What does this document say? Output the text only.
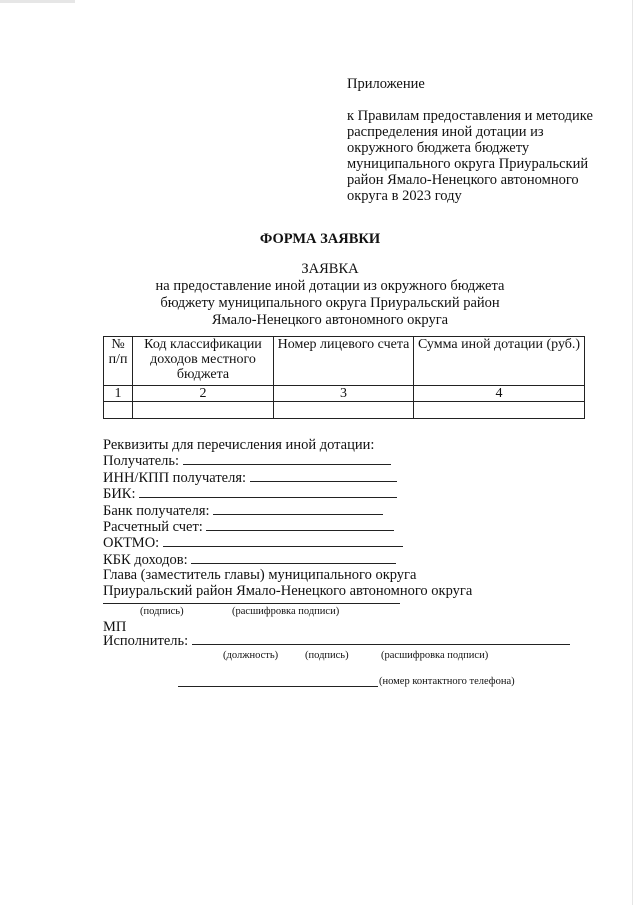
Приложение
к Правилам предоставления и методике
распределения иной дотации из
окружного бюджета бюджету
муниципального округа Приуральский
район Ямало-Ненецкого автономного
округа в 2023 году
ФОРМА ЗАЯВКИ
ЗАЯВКА
на предоставление иной дотации из окружного бюджета
бюджету муниципального округа Приуральский район
Ямало-Ненецкого автономного округа
№ п/п	Код классификации доходов местного бюджета	Номер лицевого счета	Сумма иной дотации (руб.)
1	2	3	4

Реквизиты для перечисления иной дотации:
Получатель:
ИНН/КПП получателя:
БИК:
Банк получателя:
Расчетный счет:
ОКТМО:
КБК доходов:
Глава (заместитель главы) муниципального округа
Приуральский район Ямало-Ненецкого автономного округа
(подпись)	(расшифровка подписи)
МП
Исполнитель:
(должность)	(подпись)	(расшифровка подписи)
(номер контактного телефона)
